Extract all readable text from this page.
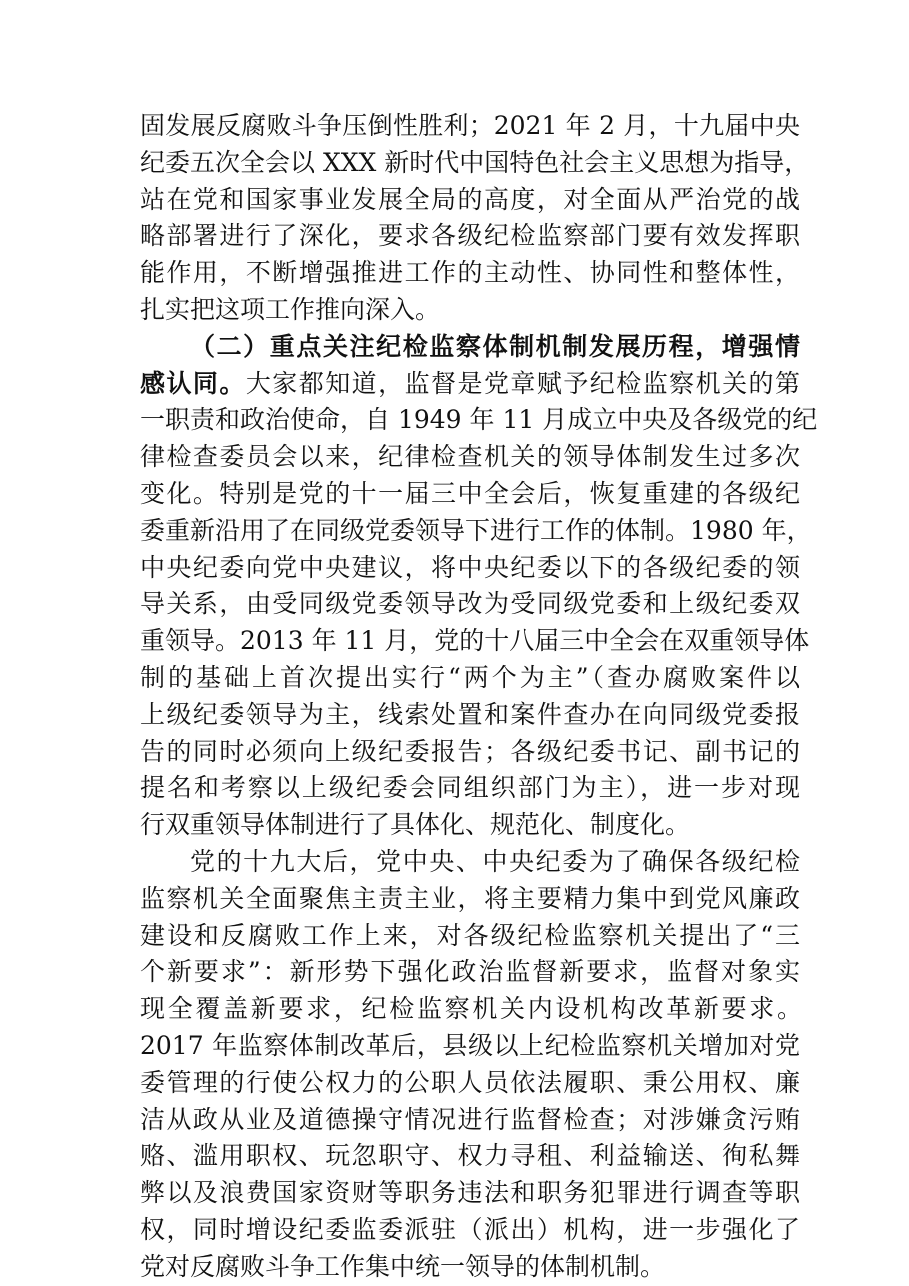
固发展反腐败斗争压倒性胜利；2021 年 2 月，十九届中央
纪委五次全会以 XXX 新时代中国特色社会主义思想为指导，
站在党和国家事业发展全局的高度，对全面从严治党的战
略部署进行了深化，要求各级纪检监察部门要有效发挥职
能作用，不断增强推进工作的主动性、协同性和整体性，
扎实把这项工作推向深入。
（二）重点关注纪检监察体制机制发展历程，增强情
感认同。大家都知道，监督是党章赋予纪检监察机关的第
一职责和政治使命，自 1949 年 11 月成立中央及各级党的纪
律检查委员会以来，纪律检查机关的领导体制发生过多次
变化。特别是党的十一届三中全会后，恢复重建的各级纪
委重新沿用了在同级党委领导下进行工作的体制。1980 年，
中央纪委向党中央建议，将中央纪委以下的各级纪委的领
导关系，由受同级党委领导改为受同级党委和上级纪委双
重领导。2013 年 11 月，党的十八届三中全会在双重领导体
制的基础上首次提出实行“两个为主”（查办腐败案件以
上级纪委领导为主，线索处置和案件查办在向同级党委报
告的同时必须向上级纪委报告；各级纪委书记、副书记的
提名和考察以上级纪委会同组织部门为主），进一步对现
行双重领导体制进行了具体化、规范化、制度化。
党的十九大后，党中央、中央纪委为了确保各级纪检
监察机关全面聚焦主责主业，将主要精力集中到党风廉政
建设和反腐败工作上来，对各级纪检监察机关提出了“三
个新要求”：新形势下强化政治监督新要求，监督对象实
现全覆盖新要求，纪检监察机关内设机构改革新要求。
2017 年监察体制改革后，县级以上纪检监察机关增加对党
委管理的行使公权力的公职人员依法履职、秉公用权、廉
洁从政从业及道德操守情况进行监督检查；对涉嫌贪污贿
赂、滥用职权、玩忽职守、权力寻租、利益输送、徇私舞
弊以及浪费国家资财等职务违法和职务犯罪进行调查等职
权，同时增设纪委监委派驻（派出）机构，进一步强化了
党对反腐败斗争工作集中统一领导的体制机制。
